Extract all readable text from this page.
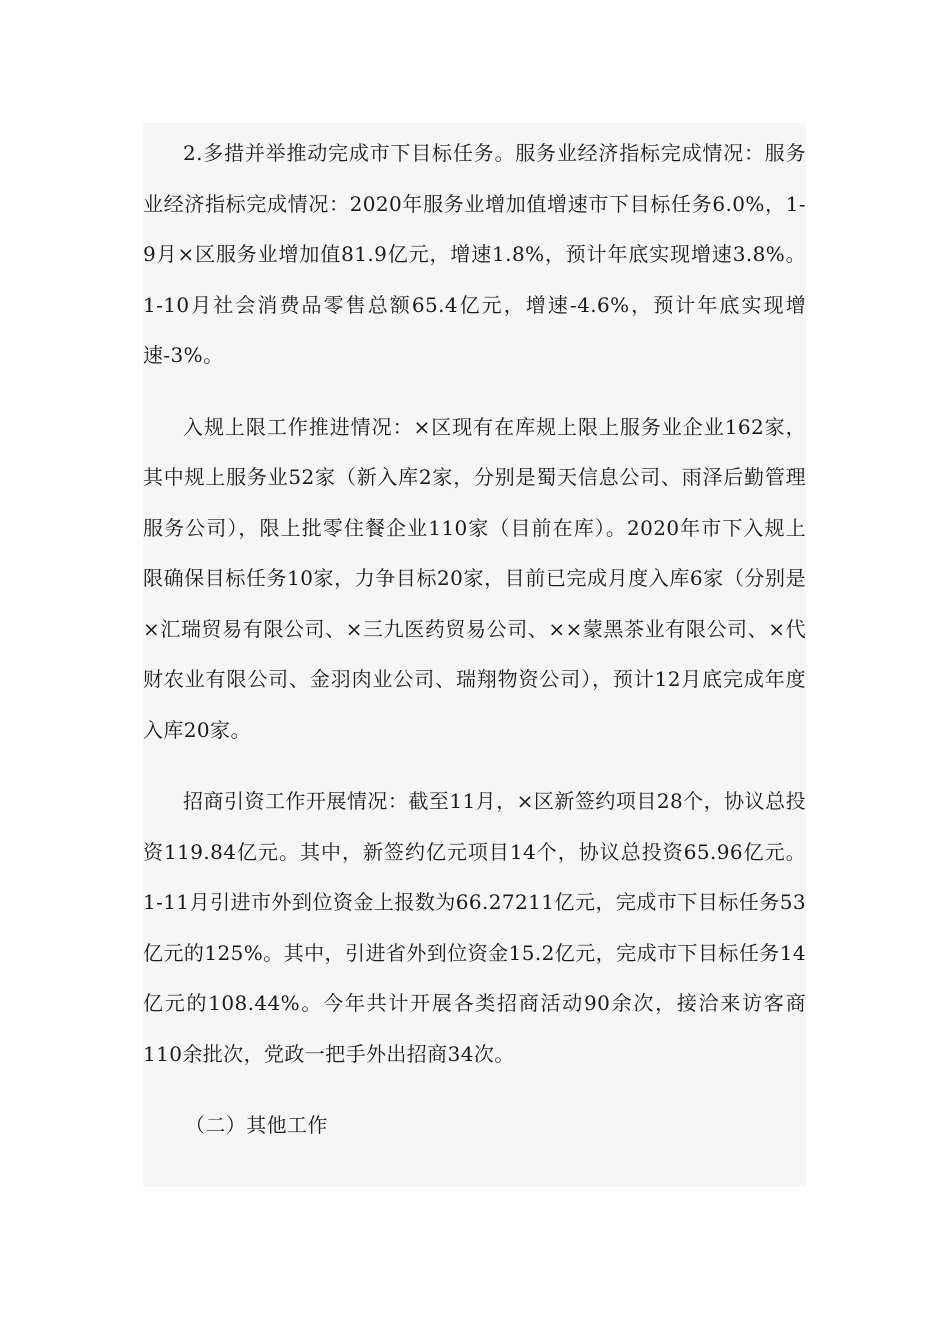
2.多措并举推动完成市下目标任务。服务业经济指标完成情况：服务业经济指标完成情况：2020年服务业增加值增速市下目标任务6.0%，1-9月×区服务业增加值81.9亿元，增速1.8%，预计年底实现增速3.8%。1-10月社会消费品零售总额65.4亿元，增速-4.6%，预计年底实现增速-3%。

入规上限工作推进情况：×区现有在库规上限上服务业企业162家，其中规上服务业52家（新入库2家，分别是蜀天信息公司、雨泽后勤管理服务公司），限上批零住餐企业110家（目前在库）。2020年市下入规上限确保目标任务10家，力争目标20家，目前已完成月度入库6家（分别是×汇瑞贸易有限公司、×三九医药贸易公司、××蒙黑茶业有限公司、×代财农业有限公司、金羽肉业公司、瑞翔物资公司），预计12月底完成年度入库20家。

招商引资工作开展情况：截至11月，×区新签约项目28个，协议总投资119.84亿元。其中，新签约亿元项目14个，协议总投资65.96亿元。1-11月引进市外到位资金上报数为66.27211亿元，完成市下目标任务53亿元的125%。其中，引进省外到位资金15.2亿元，完成市下目标任务14亿元的108.44%。今年共计开展各类招商活动90余次，接洽来访客商110余批次，党政一把手外出招商34次。

（二）其他工作
